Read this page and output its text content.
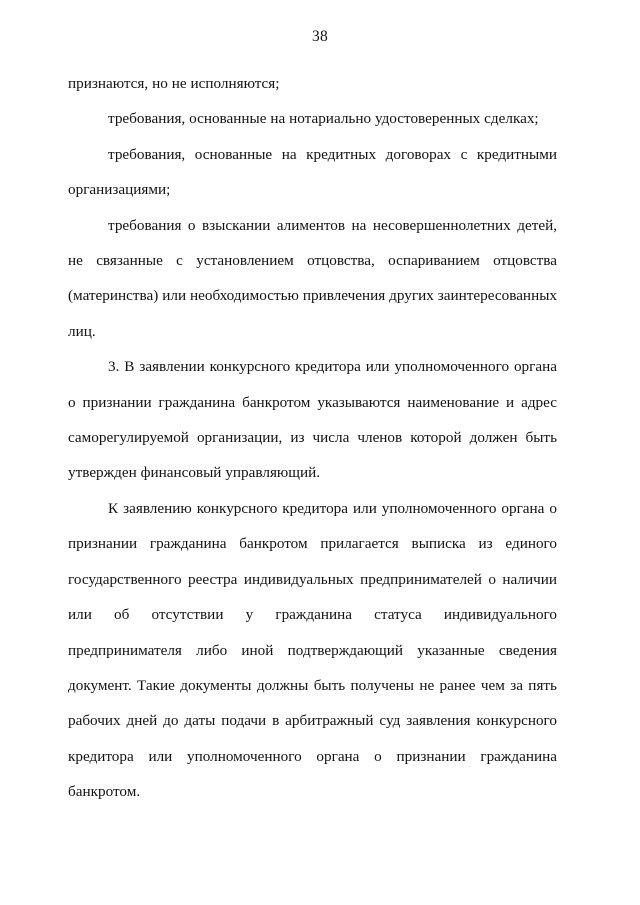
38

признаются, но не исполняются;

требования, основанные на нотариально удостоверенных сделках;

требования, основанные на кредитных договорах с кредитными организациями;

требования о взыскании алиментов на несовершеннолетних детей, не связанные с установлением отцовства, оспариванием отцовства (материнства) или необходимостью привлечения других заинтересованных лиц.

3. В заявлении конкурсного кредитора или уполномоченного органа о признании гражданина банкротом указываются наименование и адрес саморегулируемой организации, из числа членов которой должен быть утвержден финансовый управляющий.

К заявлению конкурсного кредитора или уполномоченного органа о признании гражданина банкротом прилагается выписка из единого государственного реестра индивидуальных предпринимателей о наличии или об отсутствии у гражданина статуса индивидуального предпринимателя либо иной подтверждающий указанные сведения документ. Такие документы должны быть получены не ранее чем за пять рабочих дней до даты подачи в арбитражный суд заявления конкурсного кредитора или уполномоченного органа о признании гражданина банкротом.
